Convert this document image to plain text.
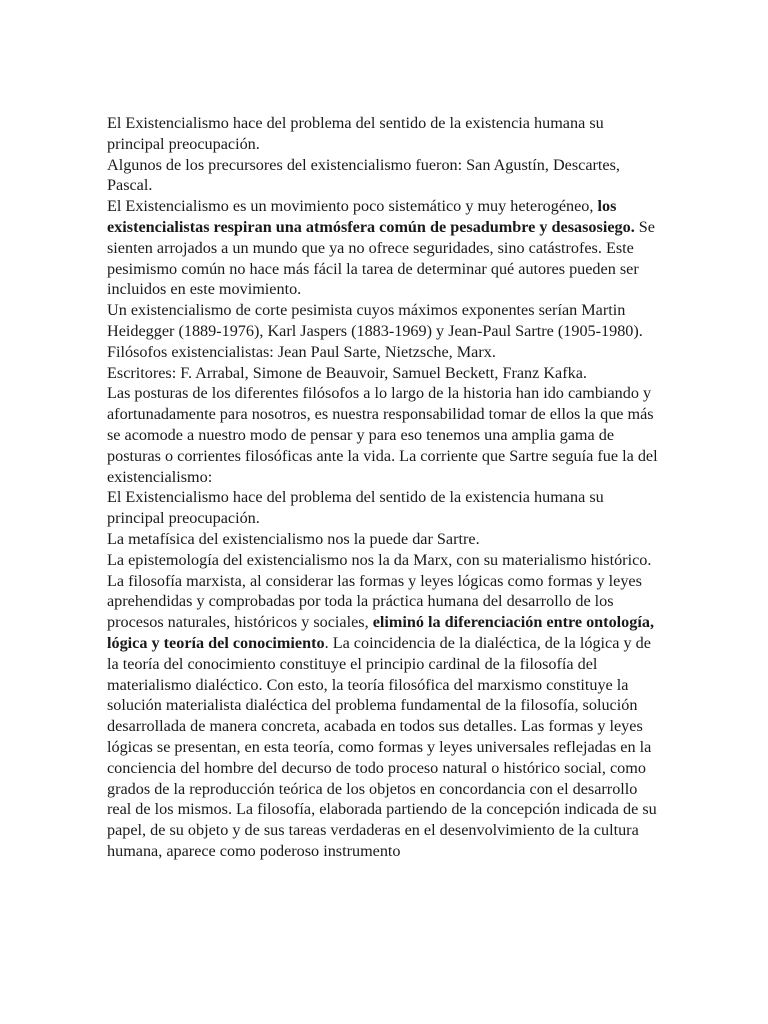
El Existencialismo hace del problema del sentido de la existencia humana su principal preocupación.

Algunos de los precursores del existencialismo fueron: San Agustín, Descartes, Pascal.

El Existencialismo es un movimiento poco sistemático y muy heterogéneo, los existencialistas respiran una atmósfera común de pesadumbre y desasosiego. Se sienten arrojados a un mundo que ya no ofrece seguridades, sino catástrofes. Este pesimismo común no hace más fácil la tarea de determinar qué autores pueden ser incluidos en este movimiento.

Un existencialismo de corte pesimista cuyos máximos exponentes serían Martin Heidegger (1889-1976), Karl Jaspers (1883-1969) y Jean-Paul Sartre (1905-1980).

Filósofos existencialistas: Jean Paul Sarte, Nietzsche, Marx.

Escritores: F. Arrabal, Simone de Beauvoir, Samuel Beckett, Franz Kafka.

Las posturas de los diferentes filósofos a lo largo de la historia han ido cambiando y afortunadamente para nosotros, es nuestra responsabilidad tomar de ellos la que más se acomode a nuestro modo de pensar y para eso tenemos una amplia gama de posturas o corrientes filosóficas ante la vida. La corriente que Sartre seguía fue la del existencialismo:

El Existencialismo hace del problema del sentido de la existencia humana su principal preocupación.

La metafísica del existencialismo nos la puede dar Sartre.

La epistemología del existencialismo nos la da Marx, con su materialismo histórico.

La filosofía marxista, al considerar las formas y leyes lógicas como formas y leyes aprehendidas y comprobadas por toda la práctica humana del desarrollo de los procesos naturales, históricos y sociales, eliminó la diferenciación entre ontología, lógica y teoría del conocimiento. La coincidencia de la dialéctica, de la lógica y de la teoría del conocimiento constituye el principio cardinal de la filosofía del materialismo dialéctico. Con esto, la teoría filosófica del marxismo constituye la solución materialista dialéctica del problema fundamental de la filosofía, solución desarrollada de manera concreta, acabada en todos sus detalles. Las formas y leyes lógicas se presentan, en esta teoría, como formas y leyes universales reflejadas en la conciencia del hombre del decurso de todo proceso natural o histórico social, como grados de la reproducción teórica de los objetos en concordancia con el desarrollo real de los mismos. La filosofía, elaborada partiendo de la concepción indicada de su papel, de su objeto y de sus tareas verdaderas en el desenvolvimiento de la cultura humana, aparece como poderoso instrumento
